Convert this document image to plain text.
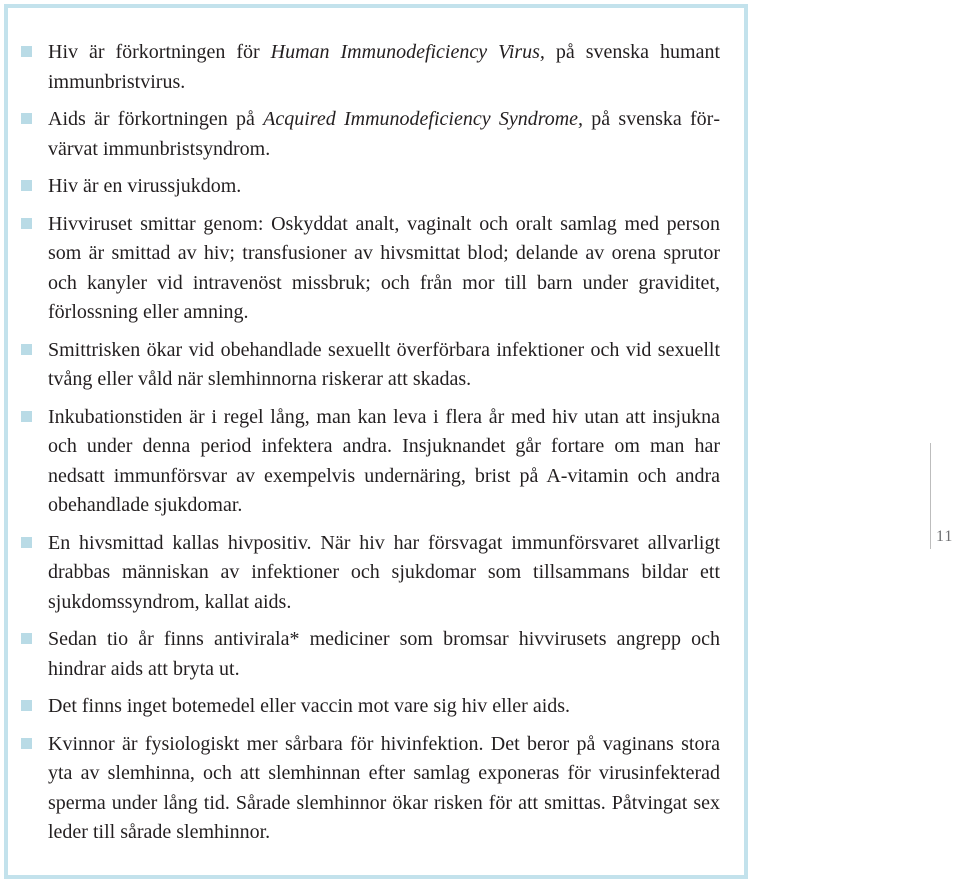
Hiv är förkortningen för Human Immunodeficiency Virus, på svenska humant immunbristvirus.
Aids är förkortningen på Acquired Immunodeficiency Syndrome, på svenska förvärvat immunbristsyndrom.
Hiv är en virussjukdom.
Hivviruset smittar genom: Oskyddat analt, vaginalt och oralt samlag med person som är smittad av hiv; transfusioner av hivsmittat blod; delande av orena sprutor och kanyler vid intravenöst missbruk; och från mor till barn under graviditet, förlossning eller amning.
Smittrisken ökar vid obehandlade sexuellt överförbara infektioner och vid sexuellt tvång eller våld när slemhinnorna riskerar att skadas.
Inkubationstiden är i regel lång, man kan leva i flera år med hiv utan att insjukna och under denna period infektera andra. Insjuknandet går fortare om man har nedsatt immunförsvar av exempelvis undernäring, brist på A-vitamin och andra obehandlade sjukdomar.
En hivsmittad kallas hivpositiv. När hiv har försvagat immunförsvaret allvarligt drabbas människan av infektioner och sjukdomar som tillsammans bildar ett sjukdomssyndrom, kallat aids.
Sedan tio år finns antivirala* mediciner som bromsar hivvirusets angrepp och hindrar aids att bryta ut.
Det finns inget botemedel eller vaccin mot vare sig hiv eller aids.
Kvinnor är fysiologiskt mer sårbara för hivinfektion. Det beror på vaginans stora yta av slemhinna, och att slemhinnan efter samlag exponeras för virusinfekterad sperma under lång tid. Sårade slemhinnor ökar risken för att smittas. Påtvingat sex leder till sårade slemhinnor.
11
